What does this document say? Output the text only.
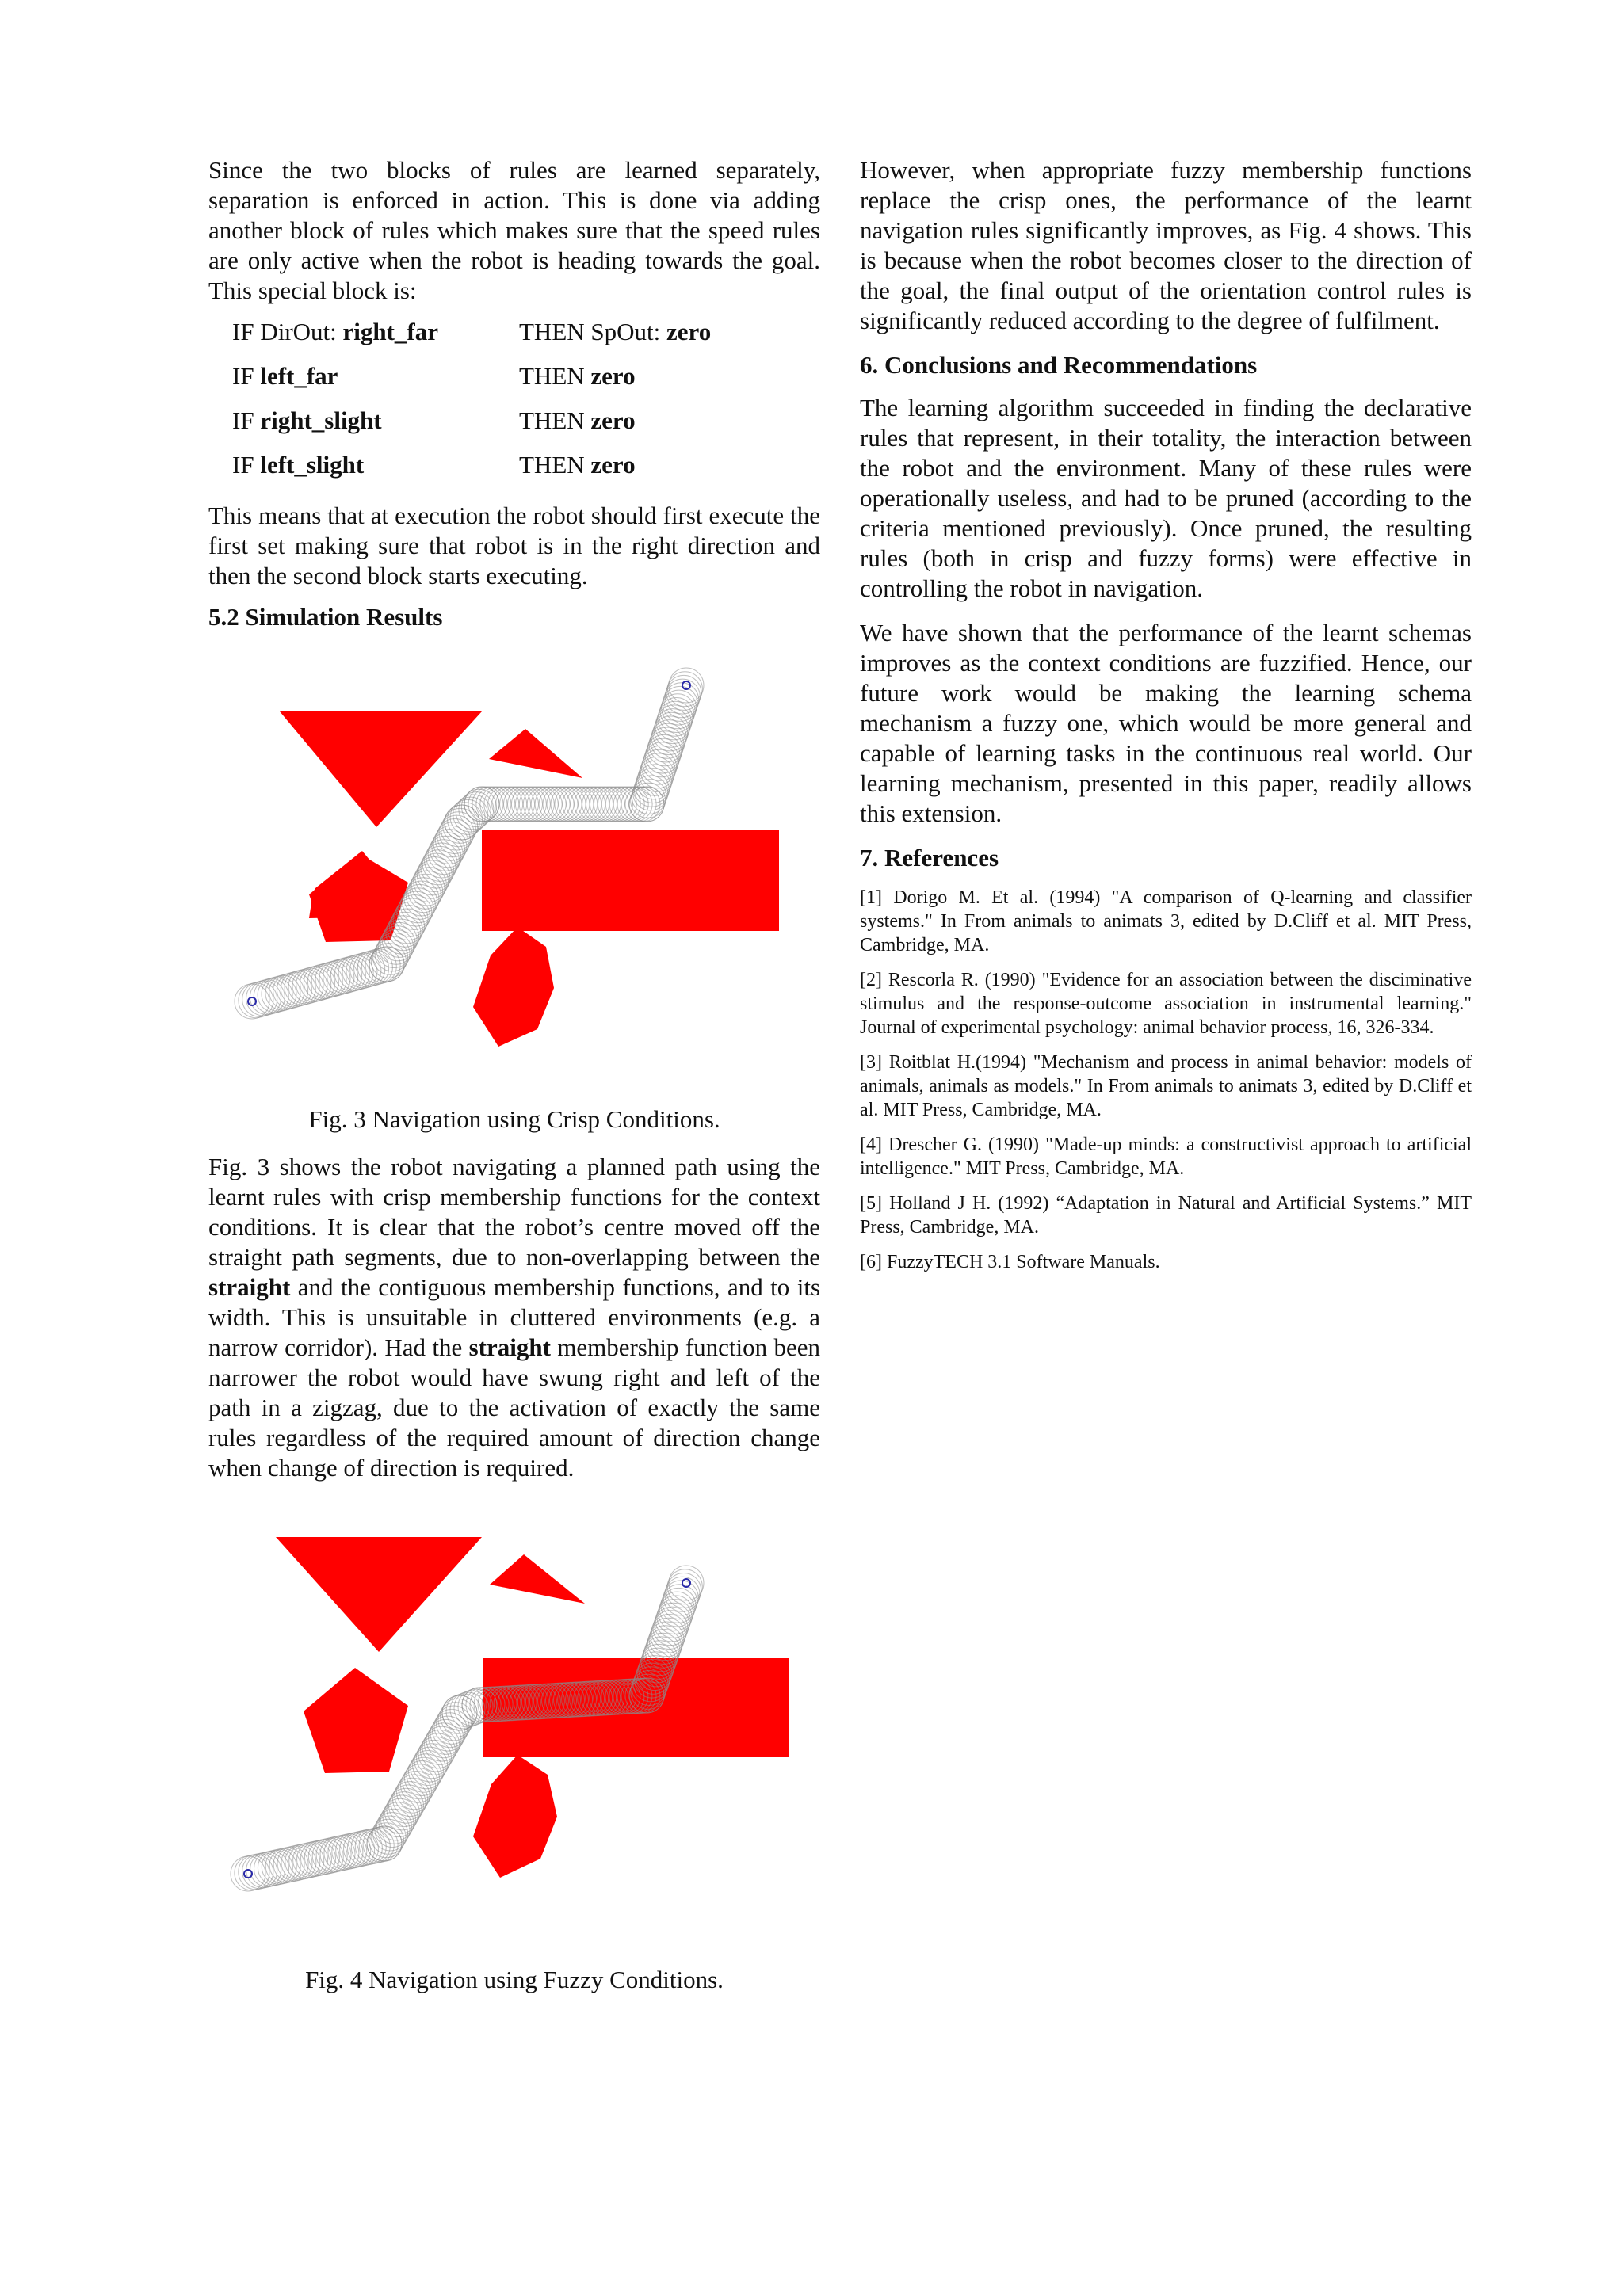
Since the two blocks of rules are learned separately, separation is enforced in action. This is done via adding another block of rules which makes sure that the speed rules are only active when the robot is heading towards the goal. This special block is:

IF DirOut: right_far	THEN SpOut: zero
IF left_far	THEN zero
IF right_slight	THEN zero
IF left_slight	THEN zero

This means that at execution the robot should first execute the first set making sure that robot is in the right direction and then the second block starts executing.

5.2 Simulation Results
Fig. 3 Navigation using Crisp Conditions.

Fig. 3 shows the robot navigating a planned path using the learnt rules with crisp membership functions for the context conditions. It is clear that the robot’s centre moved off the straight path segments, due to non-overlapping between the straight and the contiguous membership functions, and to its width. This is unsuitable in cluttered environments (e.g. a narrow corridor). Had the straight membership function been narrower the robot would have swung right and left of the path in a zigzag, due to the activation of exactly the same rules regardless of the required amount of direction change when change of direction is required.

Fig. 4 Navigation using Fuzzy Conditions.

However, when appropriate fuzzy membership functions replace the crisp ones, the performance of the learnt navigation rules significantly improves, as Fig. 4 shows. This is because when the robot becomes closer to the direction of the goal, the final output of the orientation control rules is significantly reduced according to the degree of fulfilment.

6. Conclusions and Recommendations

The learning algorithm succeeded in finding the declarative rules that represent, in their totality, the interaction between the robot and the environment. Many of these rules were operationally useless, and had to be pruned (according to the criteria mentioned previously). Once pruned, the resulting rules (both in crisp and fuzzy forms) were effective in controlling the robot in navigation.

We have shown that the performance of the learnt schemas improves as the context conditions are fuzzified. Hence, our future work would be making the learning schema mechanism a fuzzy one, which would be more general and capable of learning tasks in the continuous real world. Our learning mechanism, presented in this paper, readily allows this extension.

7. References

[1] Dorigo M. Et al. (1994) "A comparison of Q-learning and classifier systems." In From animals to animats 3, edited by D.Cliff et al. MIT Press, Cambridge, MA.

[2] Rescorla R. (1990) "Evidence for an association between the disciminative stimulus and the response-outcome association in instrumental learning." Journal of experimental psychology: animal behavior process, 16, 326-334.

[3] Roitblat H.(1994) "Mechanism and process in animal behavior: models of animals, animals as models." In From animals to animats 3, edited by D.Cliff et al. MIT Press, Cambridge, MA.

[4] Drescher G. (1990) "Made-up minds: a constructivist approach to artificial intelligence." MIT Press, Cambridge, MA.

[5] Holland J H. (1992) “Adaptation in Natural and Artificial Systems.” MIT Press, Cambridge, MA.

[6] FuzzyTECH 3.1 Software Manuals.
